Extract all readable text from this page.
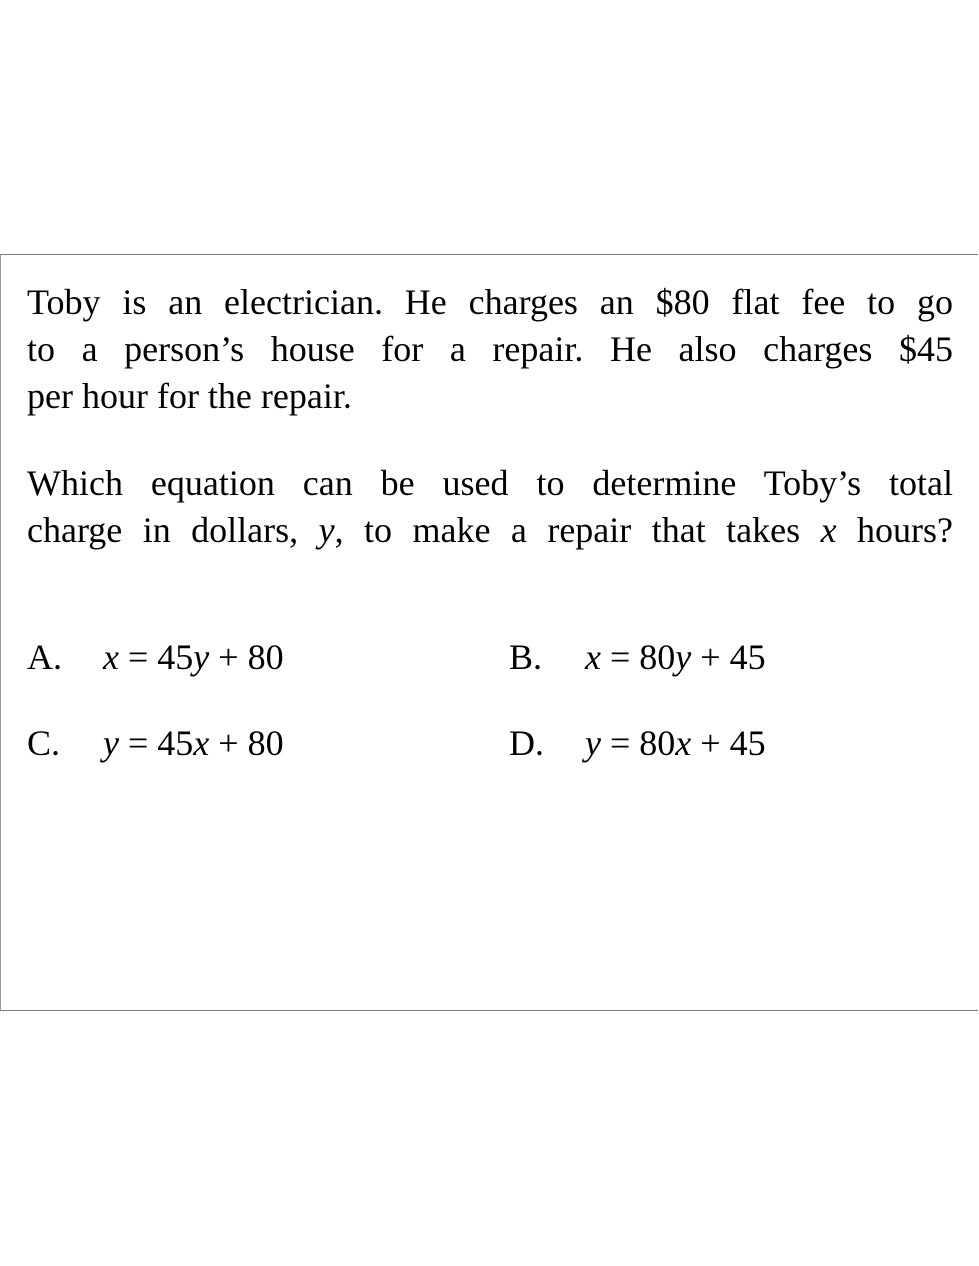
Toby is an electrician. He charges an $80 flat fee to go
to a person’s house for a repair. He also charges $45
per hour for the repair.

Which equation can be used to determine Toby’s total
charge in dollars, y, to make a repair that takes x hours?

A. x = 45y + 80	B. x = 80y + 45
C. y = 45x + 80	D. y = 80x + 45
